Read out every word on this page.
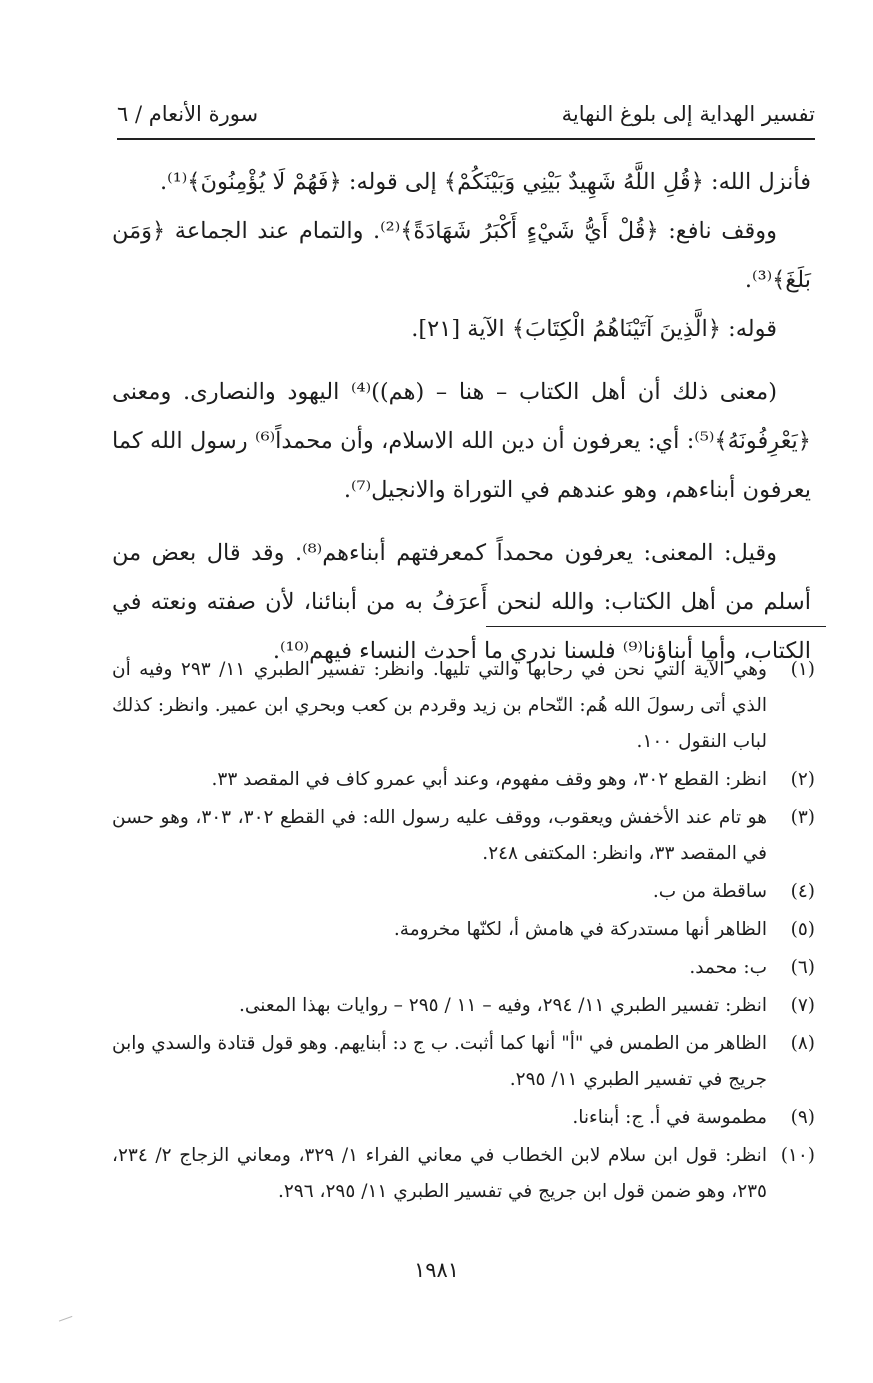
تفسير الهداية إلى بلوغ النهاية
سورة الأنعام / ٦

فأنزل الله: ﴿قُلِ اللَّهُ شَهِيدٌ بَيْنِي وَبَيْنَكُمْ﴾ إلى قوله: ﴿فَهُمْ لَا يُؤْمِنُونَ﴾⁽¹⁾.

ووقف نافع: ﴿قُلْ أَيُّ شَيْءٍ أَكْبَرُ شَهَادَةً﴾⁽²⁾. والتمام عند الجماعة ﴿وَمَن بَلَغَ﴾⁽³⁾.

قوله: ﴿الَّذِينَ آتَيْنَاهُمُ الْكِتَابَ﴾ الآية [٢١].

(معنى ذلك أن أهل الكتاب – هنا – (هم))⁽⁴⁾ اليهود والنصارى. ومعنى ﴿يَعْرِفُونَهُ﴾⁽⁵⁾: أي: يعرفون أن دين الله الاسلام، وأن محمداً⁽⁶⁾ رسول الله كما يعرفون أبناءهم، وهو عندهم في التوراة والانجيل⁽⁷⁾.

وقيل: المعنى: يعرفون محمداً كمعرفتهم أبناءهم⁽⁸⁾. وقد قال بعض من أسلم من أهل الكتاب: والله لنحن أَعرَفُ به من أبنائنا، لأن صفته ونعته في الكتاب، وأما أبناؤنا⁽⁹⁾ فلسنا ندري ما أحدث النساء فيهم⁽¹⁰⁾.

(١)
وهي الآية التي نحن في رحابها والتي تليها. وانظر: تفسير الطبري ١١/ ٢٩٣ وفيه أن الذي أتى رسولَ الله هُم: النّحام بن زيد وقردم بن كعب وبحري ابن عمير. وانظر: كذلك لباب النقول ١٠٠.
(٢)
انظر: القطع ٣٠٢، وهو وقف مفهوم، وعند أبي عمرو كاف في المقصد ٣٣.
(٣)
هو تام عند الأخفش ويعقوب، ووقف عليه رسول الله: في القطع ٣٠٢، ٣٠٣، وهو حسن في المقصد ٣٣، وانظر: المكتفى ٢٤٨.
(٤)
ساقطة من ب.
(٥)
الظاهر أنها مستدركة في هامش أ، لكنّها مخرومة.
(٦)
ب: محمد.
(٧)
انظر: تفسير الطبري ١١/ ٢٩٤، وفيه – ١١ / ٢٩٥ – روايات بهذا المعنى.
(٨)
الظاهر من الطمس في "أ" أنها كما أثبت. ب ج د: أبنايهم. وهو قول قتادة والسدي وابن جريج في تفسير الطبري ١١/ ٢٩٥.
(٩)
مطموسة في أ. ج: أبناءنا.
(١٠)
انظر: قول ابن سلام لابن الخطاب في معاني الفراء ١/ ٣٢٩، ومعاني الزجاج ٢/ ٢٣٤، ٢٣٥، وهو ضمن قول ابن جريج في تفسير الطبري ١١/ ٢٩٥، ٢٩٦.
١٩٨١
